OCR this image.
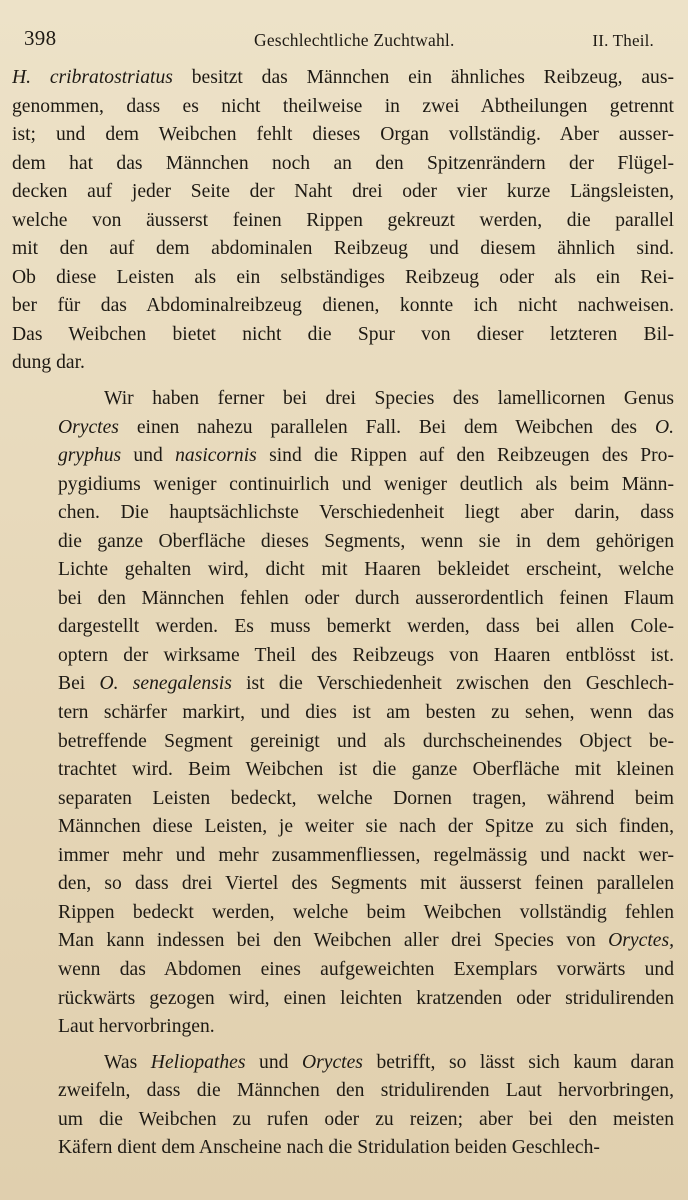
398	Geschlechtliche Zuchtwahl.	II. Theil.
H. cribratostriatus besitzt das Männchen ein ähnliches Reibzeug, aus-
genommen, dass es nicht theilweise in zwei Abtheilungen getrennt
ist; und dem Weibchen fehlt dieses Organ vollständig. Aber ausser-
dem hat das Männchen noch an den Spitzenrändern der Flügel-
decken auf jeder Seite der Naht drei oder vier kurze Längsleisten,
welche von äusserst feinen Rippen gekreuzt werden, die parallel
mit den auf dem abdominalen Reibzeug und diesem ähnlich sind.
Ob diese Leisten als ein selbständiges Reibzeug oder als ein Rei-
ber für das Abdominalreibzeug dienen, konnte ich nicht nachweisen.
Das Weibchen bietet nicht die Spur von dieser letzteren Bil-
dung dar.
Wir haben ferner bei drei Species des lamellicornen Genus
Oryctes einen nahezu parallelen Fall. Bei dem Weibchen des O.
gryphus und nasicornis sind die Rippen auf den Reibzeugen des Pro-
pygidiums weniger continuirlich und weniger deutlich als beim Männ-
chen. Die hauptsächlichste Verschiedenheit liegt aber darin, dass
die ganze Oberfläche dieses Segments, wenn sie in dem gehörigen
Lichte gehalten wird, dicht mit Haaren bekleidet erscheint, welche
bei den Männchen fehlen oder durch ausserordentlich feinen Flaum
dargestellt werden. Es muss bemerkt werden, dass bei allen Cole-
optern der wirksame Theil des Reibzeugs von Haaren entblösst ist.
Bei O. senegalensis ist die Verschiedenheit zwischen den Geschlech-
tern schärfer markirt, und dies ist am besten zu sehen, wenn das
betreffende Segment gereinigt und als durchscheinendes Object be-
trachtet wird. Beim Weibchen ist die ganze Oberfläche mit kleinen
separaten Leisten bedeckt, welche Dornen tragen, während beim
Männchen diese Leisten, je weiter sie nach der Spitze zu sich finden,
immer mehr und mehr zusammenfliessen, regelmässig und nackt wer-
den, so dass drei Viertel des Segments mit äusserst feinen parallelen
Rippen bedeckt werden, welche beim Weibchen vollständig fehlen
Man kann indessen bei den Weibchen aller drei Species von Oryctes,
wenn das Abdomen eines aufgeweichten Exemplars vorwärts und
rückwärts gezogen wird, einen leichten kratzenden oder stridulirenden
Laut hervorbringen.
Was Heliopathes und Oryctes betrifft, so lässt sich kaum daran
zweifeln, dass die Männchen den stridulirenden Laut hervorbringen,
um die Weibchen zu rufen oder zu reizen; aber bei den meisten
Käfern dient dem Anscheine nach die Stridulation beiden Geschlech-
